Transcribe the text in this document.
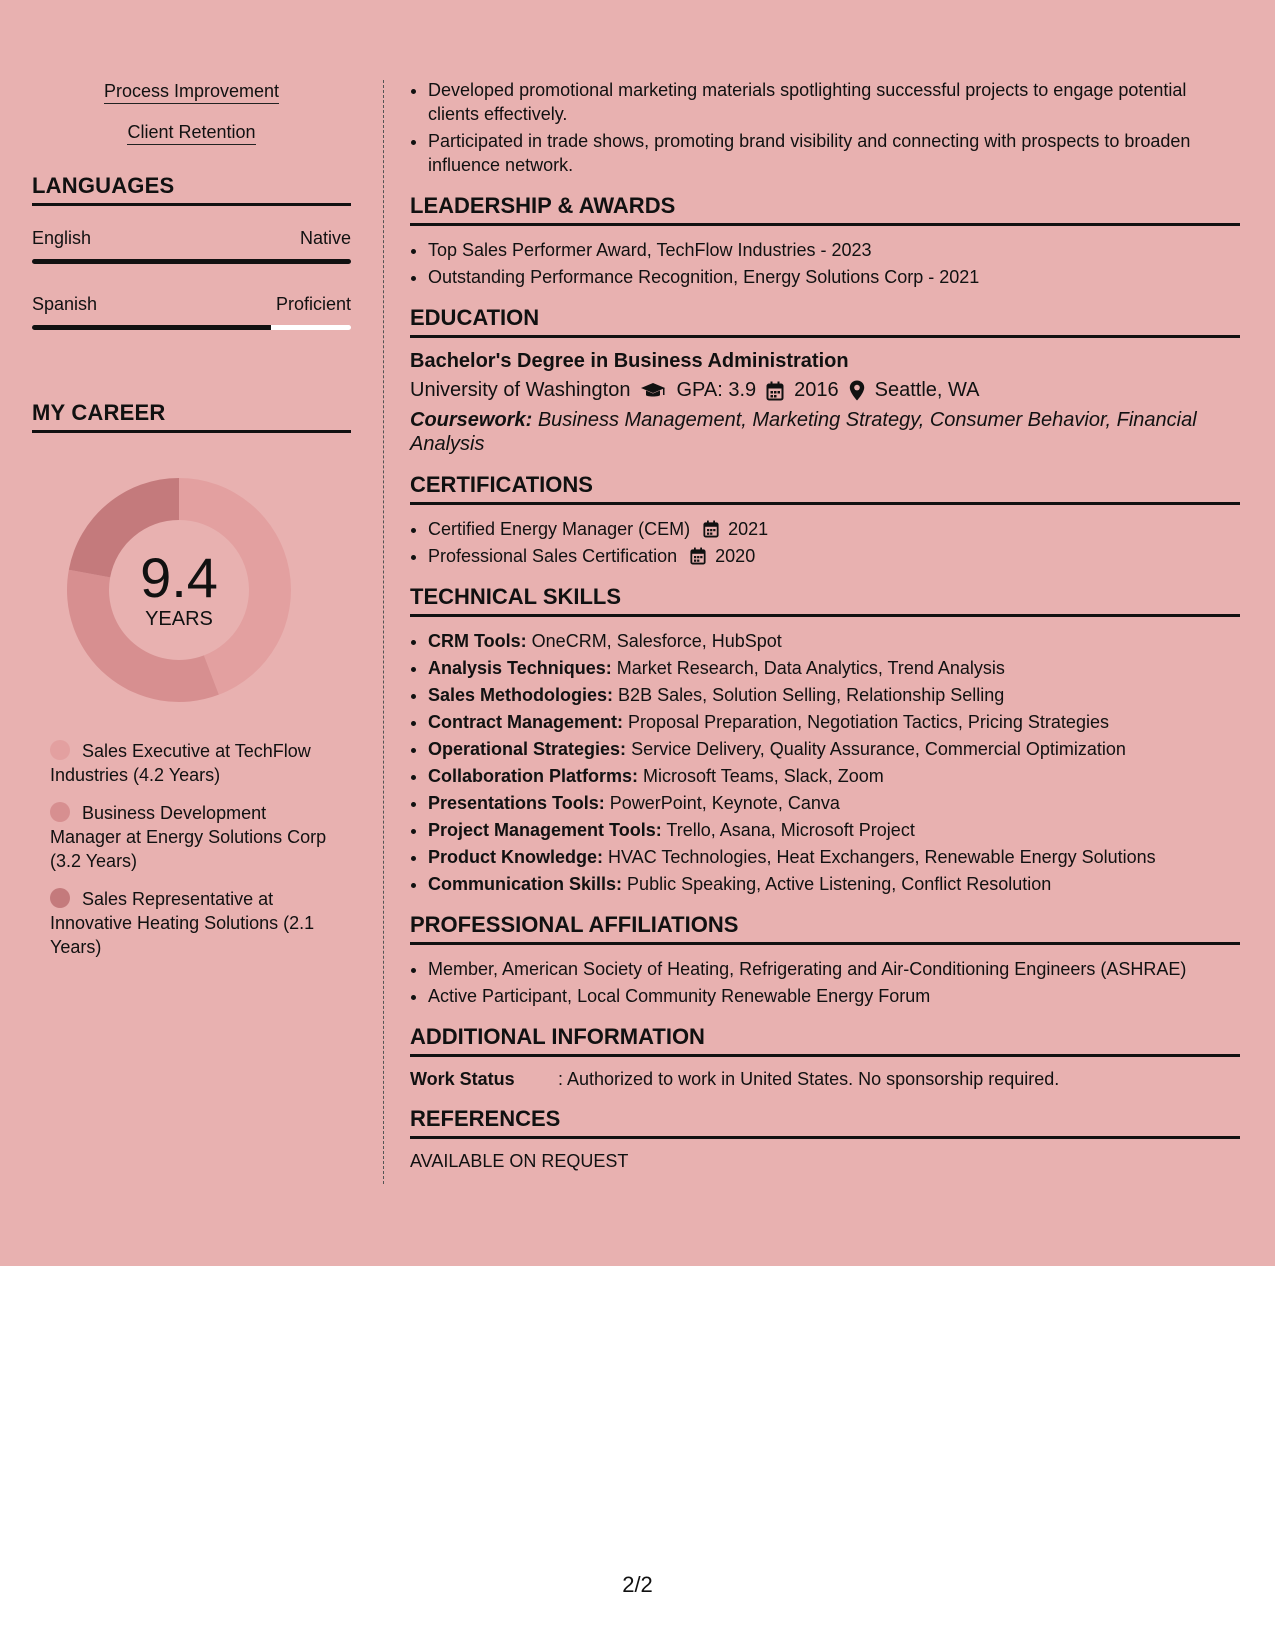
Process Improvement
Client Retention
LANGUAGES
English	Native
Spanish	Proficient
MY CAREER
9.4
YEARS
Sales Executive at TechFlow Industries (4.2 Years)
Business Development Manager at Energy Solutions Corp (3.2 Years)
Sales Representative at Innovative Heating Solutions (2.1 Years)
• Developed promotional marketing materials spotlighting successful projects to engage potential clients effectively.
• Participated in trade shows, promoting brand visibility and connecting with prospects to broaden influence network.
LEADERSHIP & AWARDS
• Top Sales Performer Award, TechFlow Industries - 2023
• Outstanding Performance Recognition, Energy Solutions Corp - 2021
EDUCATION
Bachelor's Degree in Business Administration
University of Washington GPA: 3.9 2016 Seattle, WA
Coursework: Business Management, Marketing Strategy, Consumer Behavior, Financial Analysis
CERTIFICATIONS
• Certified Energy Manager (CEM) 2021
• Professional Sales Certification 2020
TECHNICAL SKILLS
• CRM Tools: OneCRM, Salesforce, HubSpot
• Analysis Techniques: Market Research, Data Analytics, Trend Analysis
• Sales Methodologies: B2B Sales, Solution Selling, Relationship Selling
• Contract Management: Proposal Preparation, Negotiation Tactics, Pricing Strategies
• Operational Strategies: Service Delivery, Quality Assurance, Commercial Optimization
• Collaboration Platforms: Microsoft Teams, Slack, Zoom
• Presentations Tools: PowerPoint, Keynote, Canva
• Project Management Tools: Trello, Asana, Microsoft Project
• Product Knowledge: HVAC Technologies, Heat Exchangers, Renewable Energy Solutions
• Communication Skills: Public Speaking, Active Listening, Conflict Resolution
PROFESSIONAL AFFILIATIONS
• Member, American Society of Heating, Refrigerating and Air-Conditioning Engineers (ASHRAE)
• Active Participant, Local Community Renewable Energy Forum
ADDITIONAL INFORMATION
Work Status	: Authorized to work in United States. No sponsorship required.
REFERENCES
AVAILABLE ON REQUEST
2/2
